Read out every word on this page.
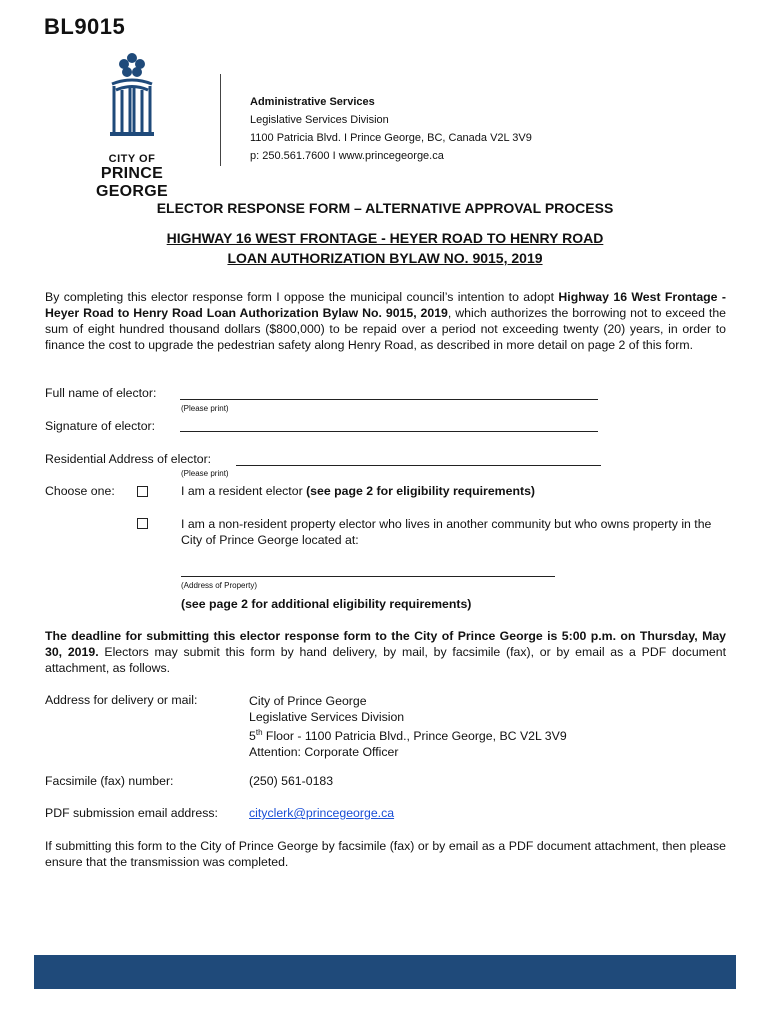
BL9015
CITY OF
PRINCE GEORGE
Administrative Services
Legislative Services Division
1100 Patricia Blvd. I Prince George, BC, Canada V2L 3V9
p: 250.561.7600 I www.princegeorge.ca
ELECTOR RESPONSE FORM – ALTERNATIVE APPROVAL PROCESS
HIGHWAY 16 WEST FRONTAGE - HEYER ROAD TO HENRY ROAD
LOAN AUTHORIZATION BYLAW NO. 9015, 2019
By completing this elector response form I oppose the municipal council’s intention to adopt Highway 16 West Frontage - Heyer Road to Henry Road Loan Authorization Bylaw No. 9015, 2019, which authorizes the borrowing not to exceed the sum of eight hundred thousand dollars ($800,000) to be repaid over a period not exceeding twenty (20) years, in order to finance the cost to upgrade the pedestrian safety along Henry Road, as described in more detail on page 2 of this form.
Full name of elector:
(Please print)
Signature of elector:
Residential Address of elector:
(Please print)
Choose one:	I am a resident elector (see page 2 for eligibility requirements)
I am a non-resident property elector who lives in another community but who owns property in the City of Prince George located at:
(Address of Property)
(see page 2 for additional eligibility requirements)
The deadline for submitting this elector response form to the City of Prince George is 5:00 p.m. on Thursday, May 30, 2019. Electors may submit this form by hand delivery, by mail, by facsimile (fax), or by email as a PDF document attachment, as follows.
Address for delivery or mail:	City of Prince George
Legislative Services Division
5th Floor - 1100 Patricia Blvd., Prince George, BC V2L 3V9
Attention: Corporate Officer
Facsimile (fax) number:	(250) 561-0183
PDF submission email address:	cityclerk@princegeorge.ca
If submitting this form to the City of Prince George by facsimile (fax) or by email as a PDF document attachment, then please ensure that the transmission was completed.
